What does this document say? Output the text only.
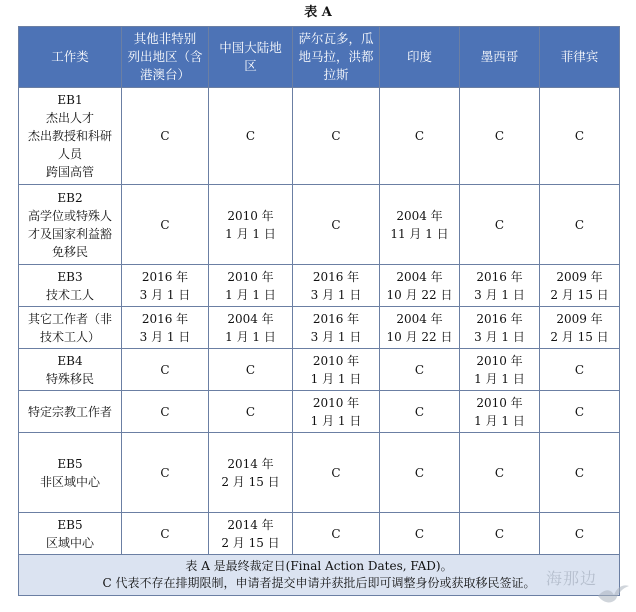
表 A
工作类	其他非特别
列出地区（含
港澳台）	中国大陆地
区	萨尔瓦多，瓜
地马拉，洪都
拉斯	印度	墨西哥	菲律宾

EB1
杰出人才
杰出教授和科研
人员
跨国高管	C	C	C	C	C	C

EB2
高学位或特殊人
才及国家利益豁
免移民	C	2010 年
1 月 1 日	C	2004 年
11 月 1 日	C	C

EB3
技术工人	2016 年
3 月 1 日	2010 年
1 月 1 日	2016 年
3 月 1 日	2004 年
10 月 22 日	2016 年
3 月 1 日	2009 年
2 月 15 日

其它工作者（非
技术工人）	2016 年
3 月 1 日	2004 年
1 月 1 日	2016 年
3 月 1 日	2004 年
10 月 22 日	2016 年
3 月 1 日	2009 年
2 月 15 日

EB4
特殊移民	C	C	2010 年
1 月 1 日	C	2010 年
1 月 1 日	C

特定宗教工作者	C	C	2010 年
1 月 1 日	C	2010 年
1 月 1 日	C

EB5
非区域中心	C	2014 年
2 月 15 日	C	C	C	C

EB5
区域中心	C	2014 年
2 月 15 日	C	C	C	C

表 A 是最终裁定日(Final Action Dates, FAD)。
C 代表不存在排期限制，申请者提交申请并获批后即可调整身份或获取移民签证。 海那边						
